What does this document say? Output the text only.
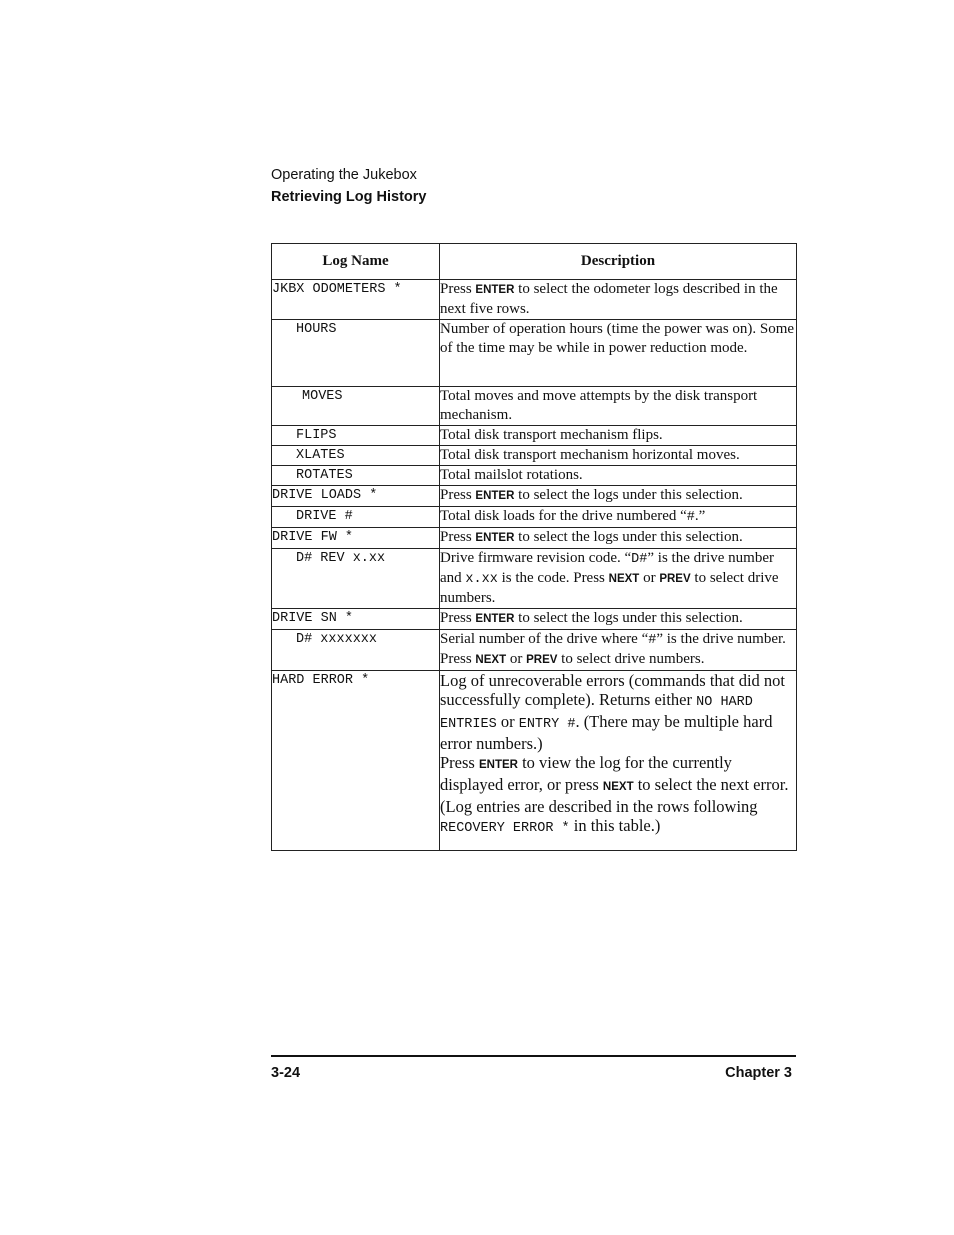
Operating the Jukebox
Retrieving Log History
Log Name	Description
JKBX ODOMETERS *	Press ENTER to select the odometer logs described in the next five rows.
HOURS	Number of operation hours (time the power was on). Some of the time may be while in power reduction mode.
MOVES	Total moves and move attempts by the disk transport mechanism.
FLIPS	Total disk transport mechanism flips.
XLATES	Total disk transport mechanism horizontal moves.
ROTATES	Total mailslot rotations.
DRIVE LOADS *	Press ENTER to select the logs under this selection.
DRIVE #	Total disk loads for the drive numbered “#.”
DRIVE FW *	Press ENTER to select the logs under this selection.
D# REV x.xx	Drive firmware revision code. “D#” is the drive number and x.xx is the code. Press NEXT or PREV to select drive numbers.
DRIVE SN *	Press ENTER to select the logs under this selection.
D# xxxxxxx	Serial number of the drive where “#” is the drive number. Press NEXT or PREV to select drive numbers.
HARD ERROR *	Log of unrecoverable errors (commands that did not successfully complete). Returns either NO HARD ENTRIES or ENTRY #. (There may be multiple hard error numbers.)
Press ENTER to view the log for the currently displayed error, or press NEXT to select the next error.
(Log entries are described in the rows following RECOVERY ERROR * in this table.)
3-24	Chapter 3
